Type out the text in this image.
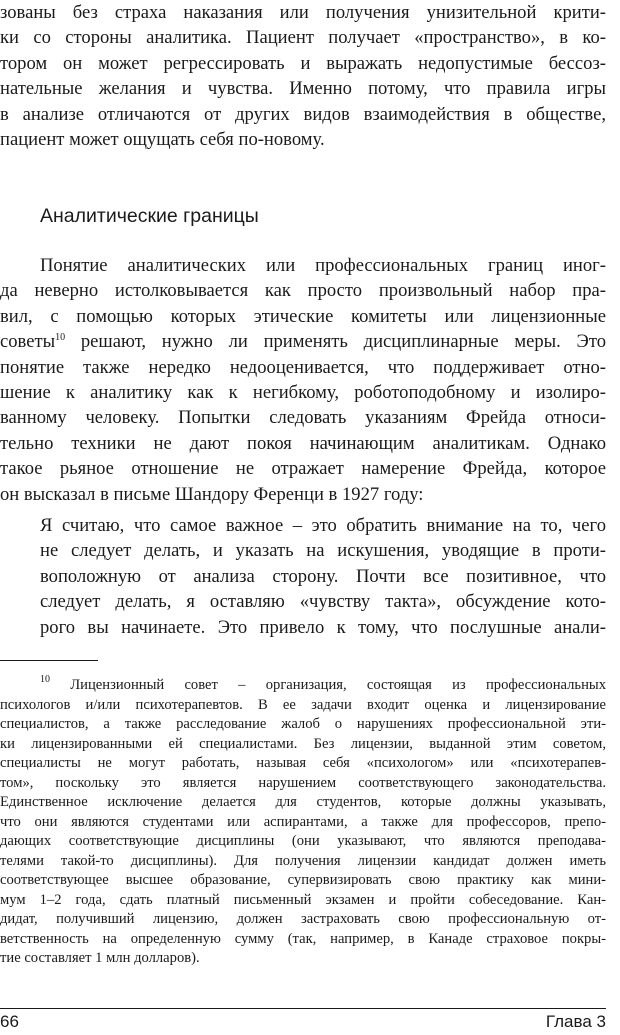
зованы без страха наказания или получения унизительной крити-
ки со стороны аналитика. Пациент получает «пространство», в ко-
тором он может регрессировать и выражать недопустимые бессоз-
нательные желания и чувства. Именно потому, что правила игры
в анализе отличаются от других видов взаимодействия в обществе,
пациент может ощущать себя по-новому.
Аналитические границы
Понятие аналитических или профессиональных границ иног-
да неверно истолковывается как просто произвольный набор пра-
вил, с помощью которых этические комитеты или лицензионные
советы$^{10}$ решают, нужно ли применять дисциплинарные меры. Это
понятие также нередко недооценивается, что поддерживает отно-
шение к аналитику как к негибкому, роботоподобному и изолиро-
ванному человеку. Попытки следовать указаниям Фрейда относи-
тельно техники не дают покоя начинающим аналитикам. Однако
такое рьяное отношение не отражает намерение Фрейда, которое
он высказал в письме Шандору Ференци в 1927 году:
Я считаю, что самое важное – это обратить внимание на то, чего
не следует делать, и указать на искушения, уводящие в проти-
воположную от анализа сторону. Почти все позитивное, что
следует делать, я оставляю «чувству такта», обсуждение кото-
рого вы начинаете. Это привело к тому, что послушные анали-
$^{10}$ Лицензионный совет – организация, состоящая из профессиональных
психологов и/или психотерапевтов. В ее задачи входит оценка и лицензирование
специалистов, а также расследование жалоб о нарушениях профессиональной эти-
ки лицензированными ей специалистами. Без лицензии, выданной этим советом,
специалисты не могут работать, называя себя «психологом» или «психотерапев-
том», поскольку это является нарушением соответствующего законодательства.
Единственное исключение делается для студентов, которые должны указывать,
что они являются студентами или аспирантами, а также для профессоров, препо-
дающих соответствующие дисциплины (они указывают, что являются преподава-
телями такой-то дисциплины). Для получения лицензии кандидат должен иметь
соответствующее высшее образование, супервизировать свою практику как мини-
мум 1–2 года, сдать платный письменный экзамен и пройти собеседование. Кан-
дидат, получивший лицензию, должен застраховать свою профессиональную от-
ветственность на определенную сумму (так, например, в Канаде страховое покры-
тие составляет 1 млн долларов).
66	Глава 3
